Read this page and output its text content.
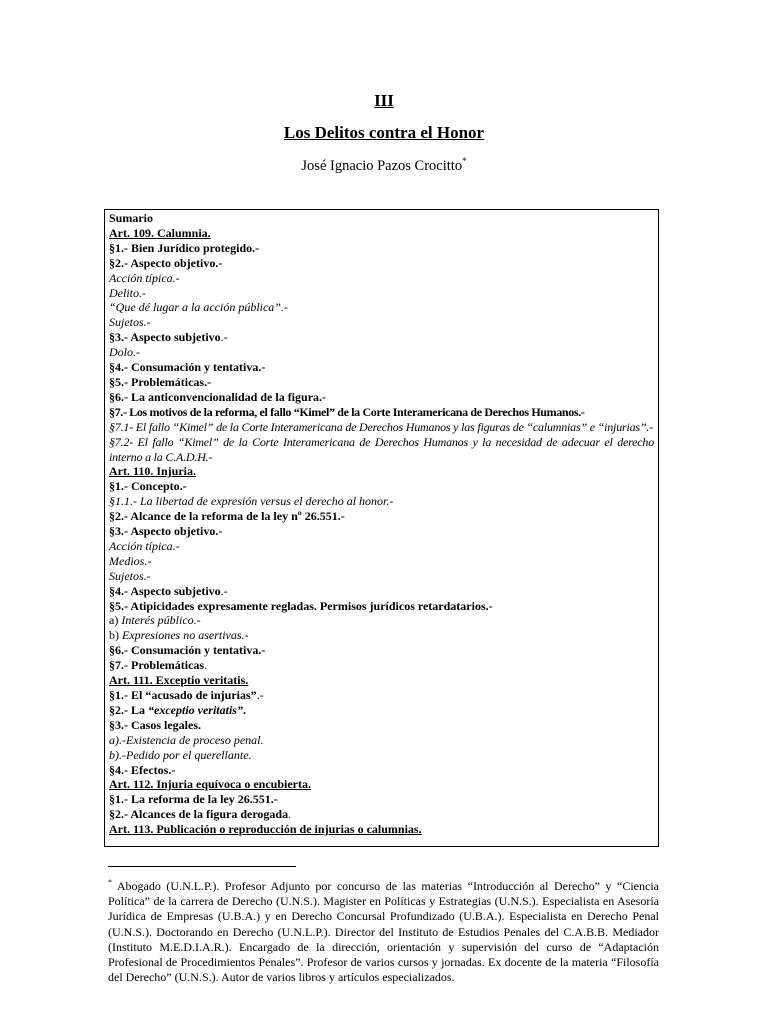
III
Los Delitos contra el Honor
José Ignacio Pazos Crocitto*
Sumario
Art. 109. Calumnia.
§1.- Bien Jurídico protegido.-
§2.- Aspecto objetivo.-
Acción típica.-
Delito.-
“Que dé lugar a la acción pública”.-
Sujetos.-
§3.- Aspecto subjetivo.-
Dolo.-
§4.- Consumación y tentativa.-
§5.- Problemáticas.-
§6.- La anticonvencionalidad de la figura.-
§7.- Los motivos de la reforma, el fallo “Kimel” de la Corte Interamericana de Derechos Humanos.-
§7.1- El fallo “Kimel” de la Corte Interamericana de Derechos Humanos y las figuras de “calumnias” e “injurias”.-
§7.2- El fallo “Kimel” de la Corte Interamericana de Derechos Humanos y la necesidad de adecuar el derecho interno a la C.A.D.H.-
Art. 110. Injuria.
§1.- Concepto.-
§1.1.- La libertad de expresión versus el derecho al honor.-
§2.- Alcance de la reforma de la ley nº 26.551.-
§3.- Aspecto objetivo.-
Acción típica.-
Medios.-
Sujetos.-
§4.- Aspecto subjetivo.-
§5.- Atipicidades expresamente regladas. Permisos jurídicos retardatarios.-
a) Interés público.-
b) Expresiones no asertivas.-
§6.- Consumación y tentativa.-
§7.- Problemáticas.
Art. 111. Exceptio veritatis.
§1.- El “acusado de injurias”.-
§2.- La “exceptio veritatis”.
§3.- Casos legales.
a).-Existencia de proceso penal.
b).-Pedido por el querellante.
§4.- Efectos.-
Art. 112. Injuria equívoca o encubierta.
§1.- La reforma de la ley 26.551.-
§2.- Alcances de la figura derogada.
Art. 113. Publicación o reproducción de injurias o calumnias.
* Abogado (U.N.L.P.). Profesor Adjunto por concurso de las materias “Introducción al Derecho” y “Ciencia Política” de la carrera de Derecho (U.N.S.). Magister en Políticas y Estrategias (U.N.S.). Especialista en Asesoría Jurídica de Empresas (U.B.A.) y en Derecho Concursal Profundizado (U.B.A.). Especialista en Derecho Penal (U.N.S.). Doctorando en Derecho (U.N.L.P.). Director del Instituto de Estudios Penales del C.A.B.B. Mediador (Instituto M.E.D.I.A.R.). Encargado de la dirección, orientación y supervisión del curso de “Adaptación Profesional de Procedimientos Penales”. Profesor de varios cursos y jornadas. Ex docente de la materia “Filosofía del Derecho” (U.N.S.). Autor de varios libros y artículos especializados.
